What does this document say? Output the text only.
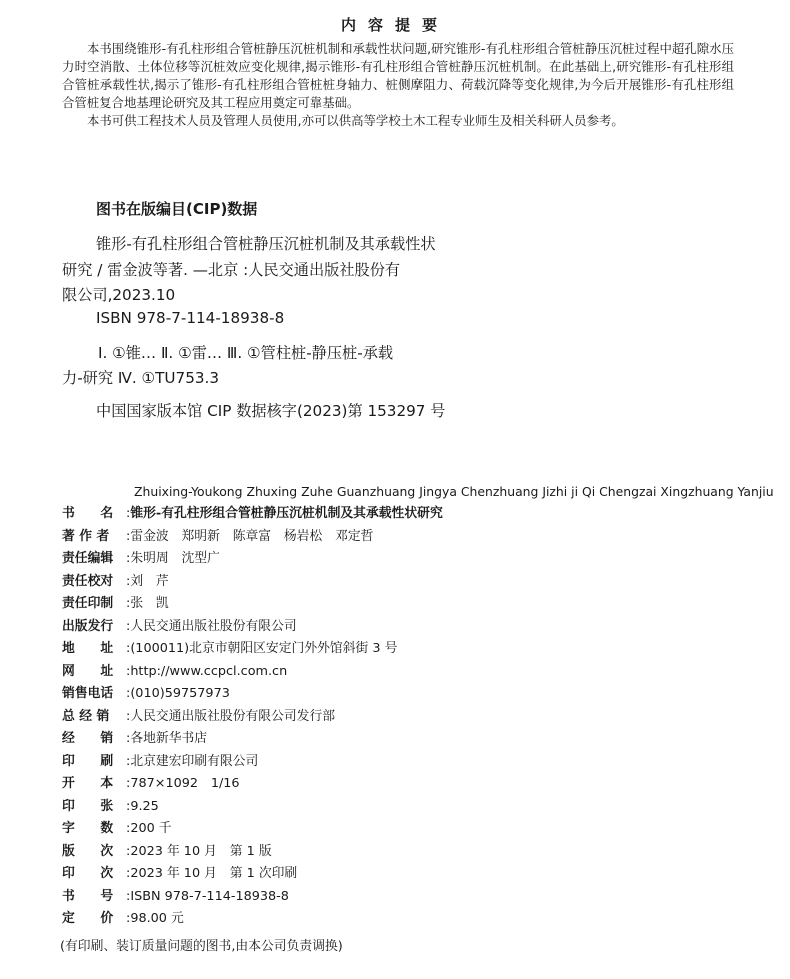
内容提要

本书围绕锥形-有孔柱形组合管桩静压沉桩机制和承载性状问题,研究锥形-有孔柱形组合管桩静压沉桩过程中超孔隙水压力时空消散、土体位移等沉桩效应变化规律,揭示锥形-有孔柱形组合管桩静压沉桩机制。在此基础上,研究锥形-有孔柱形组合管桩承载性状,揭示了锥形-有孔柱形组合管桩桩身轴力、桩侧摩阻力、荷载沉降等变化规律,为今后开展锥形-有孔柱形组合管桩复合地基理论研究及其工程应用奠定可靠基础。

本书可供工程技术人员及管理人员使用,亦可以供高等学校土木工程专业师生及相关科研人员参考。

图书在版编目(CIP)数据
锥形-有孔柱形组合管桩静压沉桩机制及其承载性状
研究 / 雷金波等著. —北京 :人民交通出版社股份有
限公司,2023.10
ISBN 978-7-114-18938-8
Ⅰ. ①锥… Ⅱ. ①雷… Ⅲ. ①管柱桩-静压桩-承载
力-研究 Ⅳ. ①TU753.3
中国国家版本馆 CIP 数据核字(2023)第 153297 号
Zhuixing-Youkong Zhuxing Zuhe Guanzhuang Jingya Chenzhuang Jizhi ji Qi Chengzai Xingzhuang Yanjiu
书　　名 :锥形-有孔柱形组合管桩静压沉桩机制及其承载性状研究
著 作 者 :雷金波　郑明新　陈章富　杨岩松　邓定哲
责任编辑 :朱明周　沈型广
责任校对 :刘　芹
责任印制 :张　凯
出版发行 :人民交通出版社股份有限公司
地　　址 :(100011)北京市朝阳区安定门外外馆斜街 3 号
网　　址 :http://www.ccpcl.com.cn
销售电话 :(010)59757973
总 经 销 :人民交通出版社股份有限公司发行部
经　　销 :各地新华书店
印　　刷 :北京建宏印刷有限公司
开　　本 :787×1092　1/16
印　　张 :9.25
字　　数 :200 千
版　　次 :2023 年 10 月　第 1 版
印　　次 :2023 年 10 月　第 1 次印刷
书　　号 :ISBN 978-7-114-18938-8
定　　价 :98.00 元
(有印刷、装订质量问题的图书,由本公司负责调换)
